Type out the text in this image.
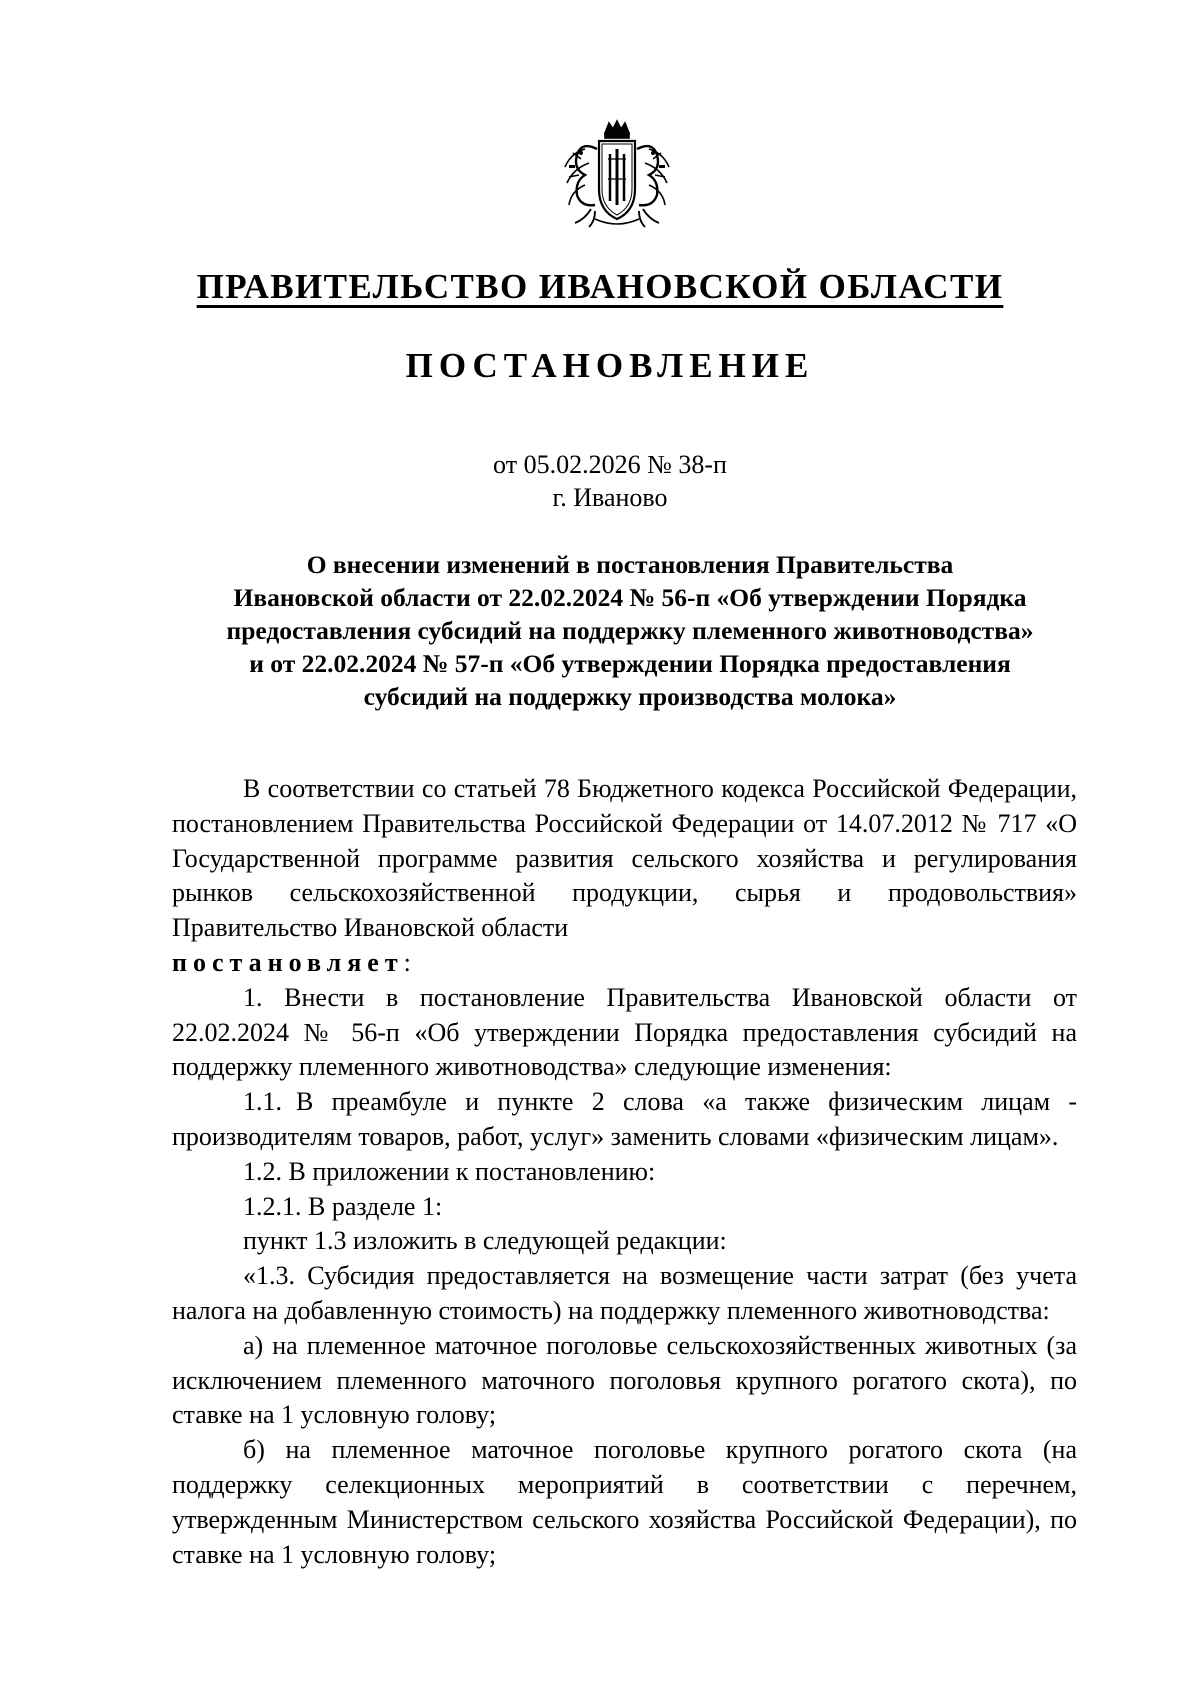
ПРАВИТЕЛЬСТВО ИВАНОВСКОЙ ОБЛАСТИ
ПОСТАНОВЛЕНИЕ
от 05.02.2026 № 38-п
г. Иваново
О внесении изменений в постановления Правительства
Ивановской области от 22.02.2024 № 56-п «Об утверждении Порядка
предоставления субсидий на поддержку племенного животноводства»
и от 22.02.2024 № 57-п «Об утверждении Порядка предоставления
субсидий на поддержку производства молока»

В соответствии со статьей 78 Бюджетного кодекса Российской Федерации, постановлением Правительства Российской Федерации от 14.07.2012 № 717 «О Государственной программе развития сельского хозяйства и регулирования рынков сельскохозяйственной продукции, сырья и продовольствия» Правительство Ивановской области

постановляет:

1. Внести в постановление Правительства Ивановской области от 22.02.2024 № 56-п «Об утверждении Порядка предоставления субсидий на поддержку племенного животноводства» следующие изменения:

1.1. В преамбуле и пункте 2 слова «а также физическим лицам - производителям товаров, работ, услуг» заменить словами «физическим лицам».

1.2. В приложении к постановлению:

1.2.1. В разделе 1:

пункт 1.3 изложить в следующей редакции:

«1.3. Субсидия предоставляется на возмещение части затрат (без учета налога на добавленную стоимость) на поддержку племенного животноводства:

а) на племенное маточное поголовье сельскохозяйственных животных (за исключением племенного маточного поголовья крупного рогатого скота), по ставке на 1 условную голову;

б) на племенное маточное поголовье крупного рогатого скота (на поддержку селекционных мероприятий в соответствии с перечнем, утвержденным Министерством сельского хозяйства Российской Федерации), по ставке на 1 условную голову;
